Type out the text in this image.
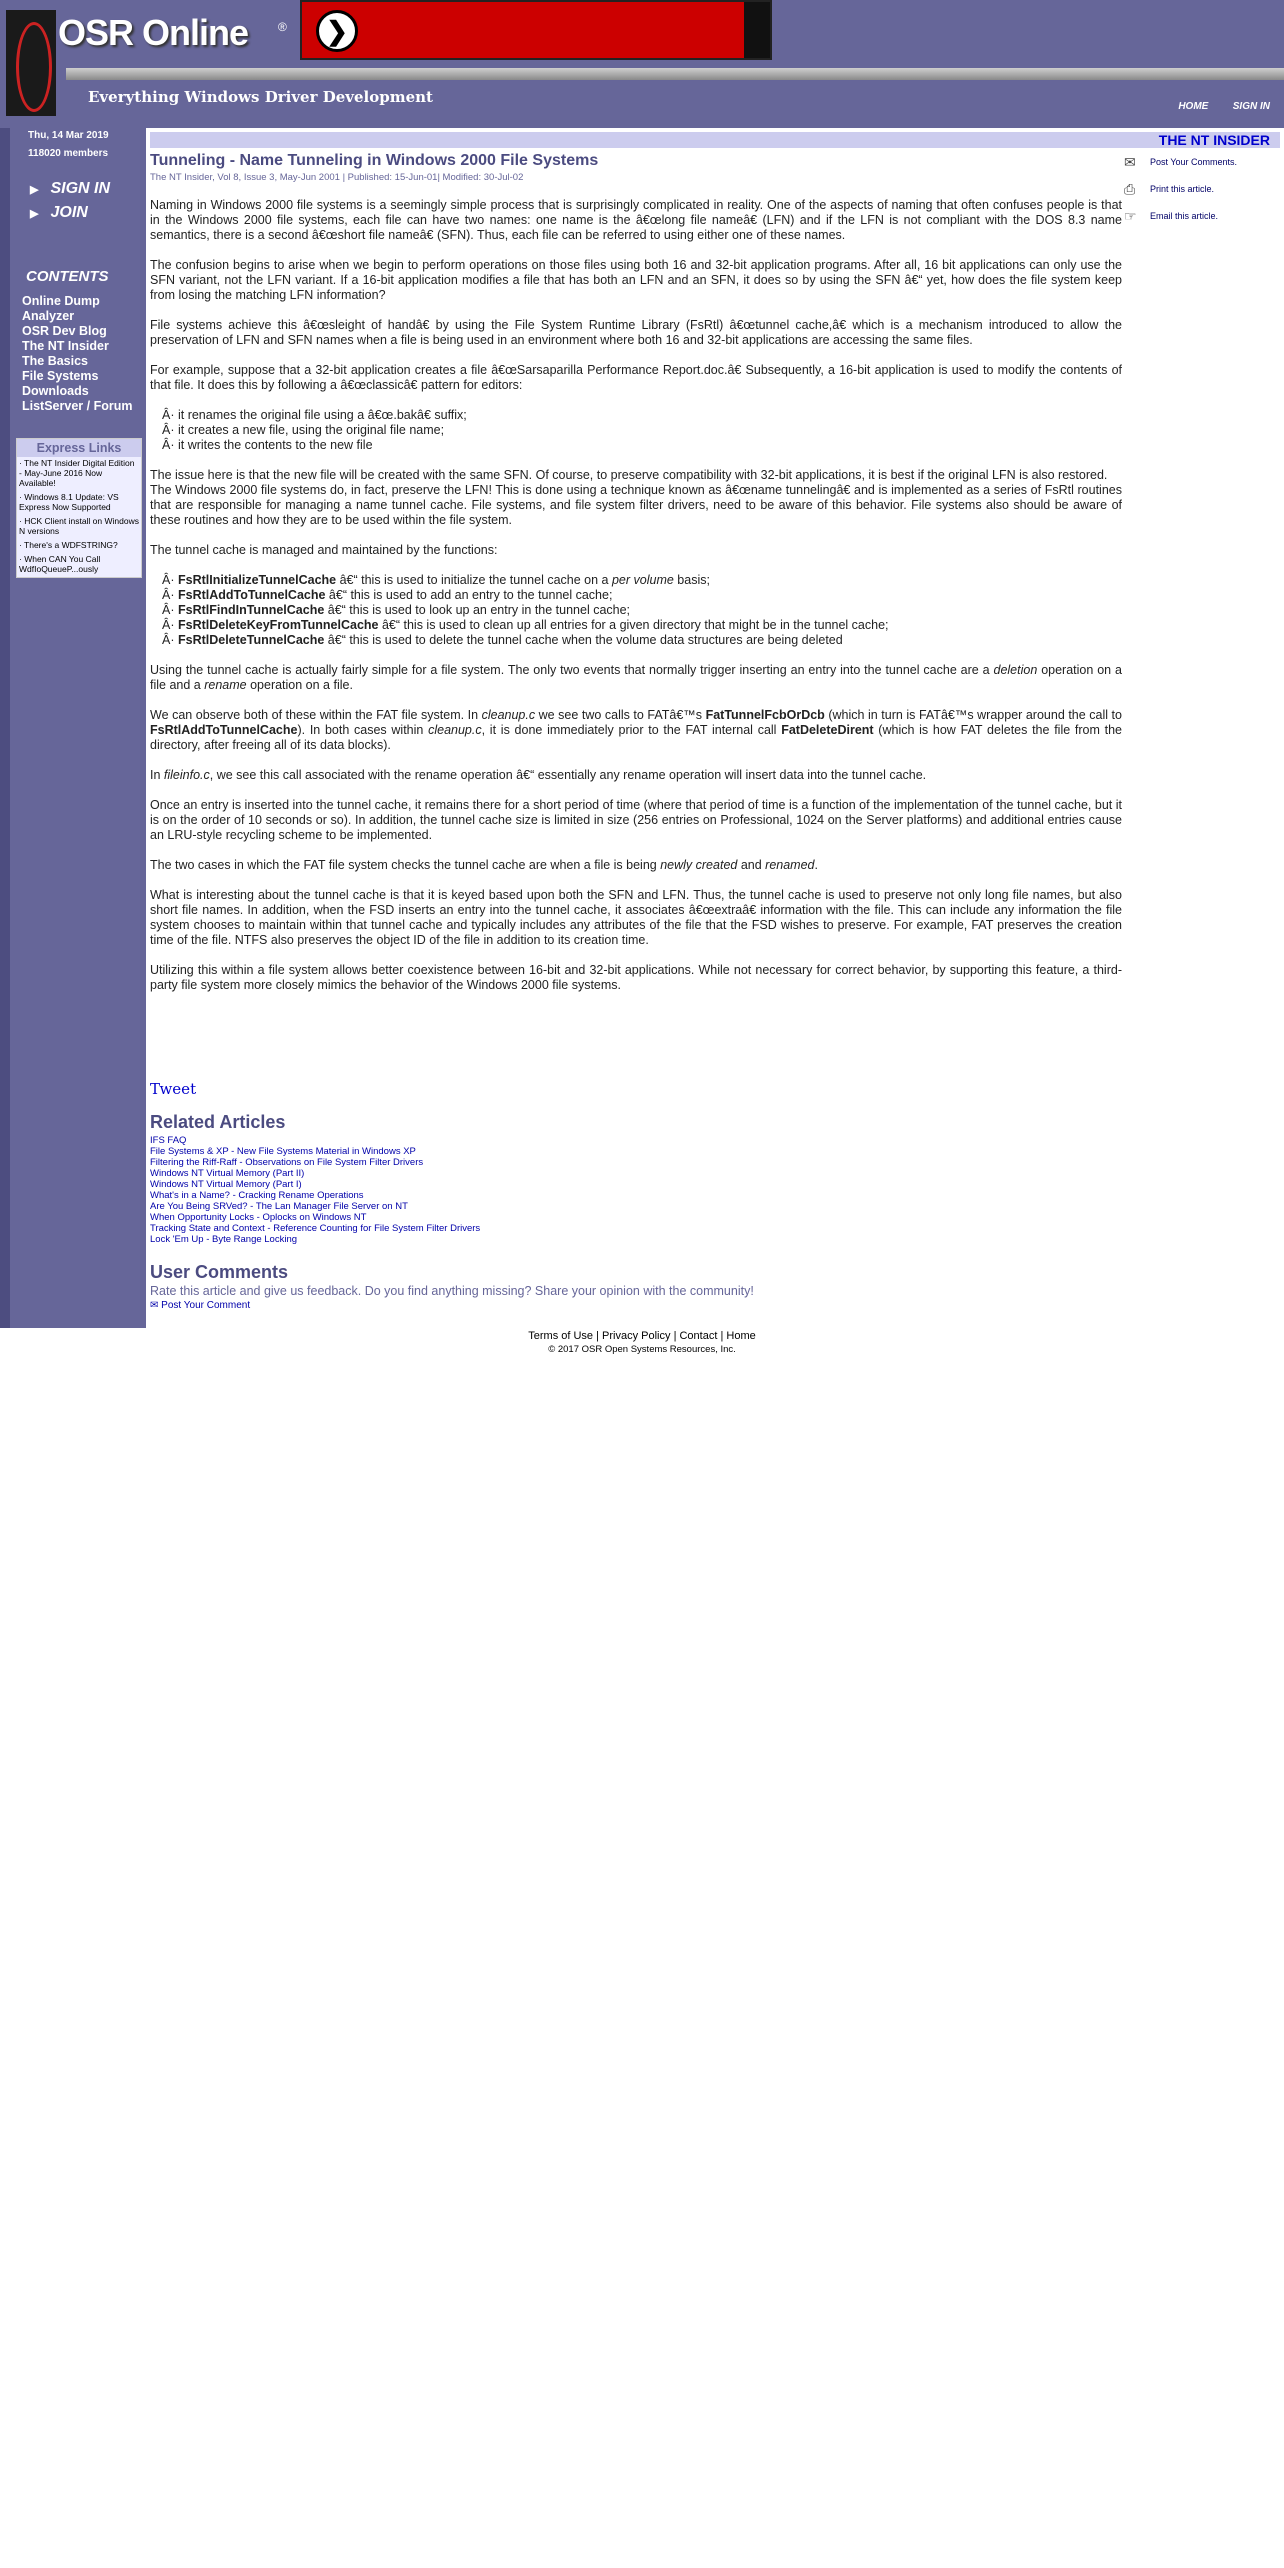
OSR Online ®	❯
Everything Windows Driver Development
HOME SIGN IN
Thu, 14 Mar 2019
118020 members
▶ SIGN IN
▶ JOIN
CONTENTS
Online Dump Analyzer
OSR Dev Blog
The NT Insider
The Basics
File Systems
Downloads
ListServer / Forum
Express Links
· The NT Insider Digital Edition - May-June 2016 Now Available!
· Windows 8.1 Update: VS Express Now Supported
· HCK Client install on Windows N versions
· There's a WDFSTRING?
· When CAN You Call WdfIoQueueP...ously
THE NT INSIDER
Tunneling - Name Tunneling in Windows 2000 File Systems
The NT Insider, Vol 8, Issue 3, May-Jun 2001 | Published: 15-Jun-01| Modified: 30-Jul-02

Naming in Windows 2000 file systems is a seemingly simple process that is surprisingly complicated in reality. One of the aspects of naming that often confuses people is that in the Windows 2000 file systems, each file can have two names: one name is the â€œlong file nameâ€ (LFN) and if the LFN is not compliant with the DOS 8.3 name semantics, there is a second â€œshort file nameâ€ (SFN). Thus, each file can be referred to using either one of these names.

The confusion begins to arise when we begin to perform operations on those files using both 16 and 32-bit application programs. After all, 16 bit applications can only use the SFN variant, not the LFN variant. If a 16-bit application modifies a file that has both an LFN and an SFN, it does so by using the SFN â€“ yet, how does the file system keep from losing the matching LFN information?

File systems achieve this â€œsleight of handâ€ by using the File System Runtime Library (FsRtl) â€œtunnel cache,â€ which is a mechanism introduced to allow the preservation of LFN and SFN names when a file is being used in an environment where both 16 and 32-bit applications are accessing the same files.

For example, suppose that a 32-bit application creates a file â€œSarsaparilla Performance Report.doc.â€ Subsequently, a 16-bit application is used to modify the contents of that file. It does this by following a â€œclassicâ€ pattern for editors:

Â· it renames the original file using a â€œ.bakâ€ suffix;
Â· it creates a new file, using the original file name;
Â· it writes the contents to the new file

The issue here is that the new file will be created with the same SFN. Of course, to preserve compatibility with 32-bit applications, it is best if the original LFN is also restored.
The Windows 2000 file systems do, in fact, preserve the LFN! This is done using a technique known as â€œname tunnelingâ€ and is implemented as a series of FsRtl routines that are responsible for managing a name tunnel cache. File systems, and file system filter drivers, need to be aware of this behavior. File systems also should be aware of these routines and how they are to be used within the file system.

The tunnel cache is managed and maintained by the functions:

Â· FsRtlInitializeTunnelCache â€“ this is used to initialize the tunnel cache on a per volume basis;
Â· FsRtlAddToTunnelCache â€“ this is used to add an entry to the tunnel cache;
Â· FsRtlFindInTunnelCache â€“ this is used to look up an entry in the tunnel cache;
Â· FsRtlDeleteKeyFromTunnelCache â€“ this is used to clean up all entries for a given directory that might be in the tunnel cache;
Â· FsRtlDeleteTunnelCache â€“ this is used to delete the tunnel cache when the volume data structures are being deleted

Using the tunnel cache is actually fairly simple for a file system. The only two events that normally trigger inserting an entry into the tunnel cache are a deletion operation on a file and a rename operation on a file.

We can observe both of these within the FAT file system. In cleanup.c we see two calls to FATâ€™s FatTunnelFcbOrDcb (which in turn is FATâ€™s wrapper around the call to FsRtlAddToTunnelCache). In both cases within cleanup.c, it is done immediately prior to the FAT internal call FatDeleteDirent (which is how FAT deletes the file from the directory, after freeing all of its data blocks).

In fileinfo.c, we see this call associated with the rename operation â€“ essentially any rename operation will insert data into the tunnel cache.

Once an entry is inserted into the tunnel cache, it remains there for a short period of time (where that period of time is a function of the implementation of the tunnel cache, but it is on the order of 10 seconds or so). In addition, the tunnel cache size is limited in size (256 entries on Professional, 1024 on the Server platforms) and additional entries cause an LRU-style recycling scheme to be implemented.

The two cases in which the FAT file system checks the tunnel cache are when a file is being newly created and renamed.

What is interesting about the tunnel cache is that it is keyed based upon both the SFN and LFN. Thus, the tunnel cache is used to preserve not only long file names, but also short file names. In addition, when the FSD inserts an entry into the tunnel cache, it associates â€œextraâ€ information with the file. This can include any information the file system chooses to maintain within that tunnel cache and typically includes any attributes of the file that the FSD wishes to preserve. For example, FAT preserves the creation time of the file. NTFS also preserves the object ID of the file in addition to its creation time.

Utilizing this within a file system allows better coexistence between 16-bit and 32-bit applications. While not necessary for correct behavior, by supporting this feature, a third-party file system more closely mimics the behavior of the Windows 2000 file systems.

✉ Post Your Comments.
⎙ Print this article.
☞ Email this article.
Tweet
Related Articles
IFS FAQ
File Systems & XP - New File Systems Material in Windows XP
Filtering the Riff-Raff - Observations on File System Filter Drivers
Windows NT Virtual Memory (Part II)
Windows NT Virtual Memory (Part I)
What's in a Name? - Cracking Rename Operations
Are You Being SRVed? - The Lan Manager File Server on NT
When Opportunity Locks - Oplocks on Windows NT
Tracking State and Context - Reference Counting for File System Filter Drivers
Lock 'Em Up - Byte Range Locking
User Comments
Rate this article and give us feedback. Do you find anything missing? Share your opinion with the community!
✉ Post Your Comment
Terms of Use | Privacy Policy | Contact | Home
© 2017 OSR Open Systems Resources, Inc.
